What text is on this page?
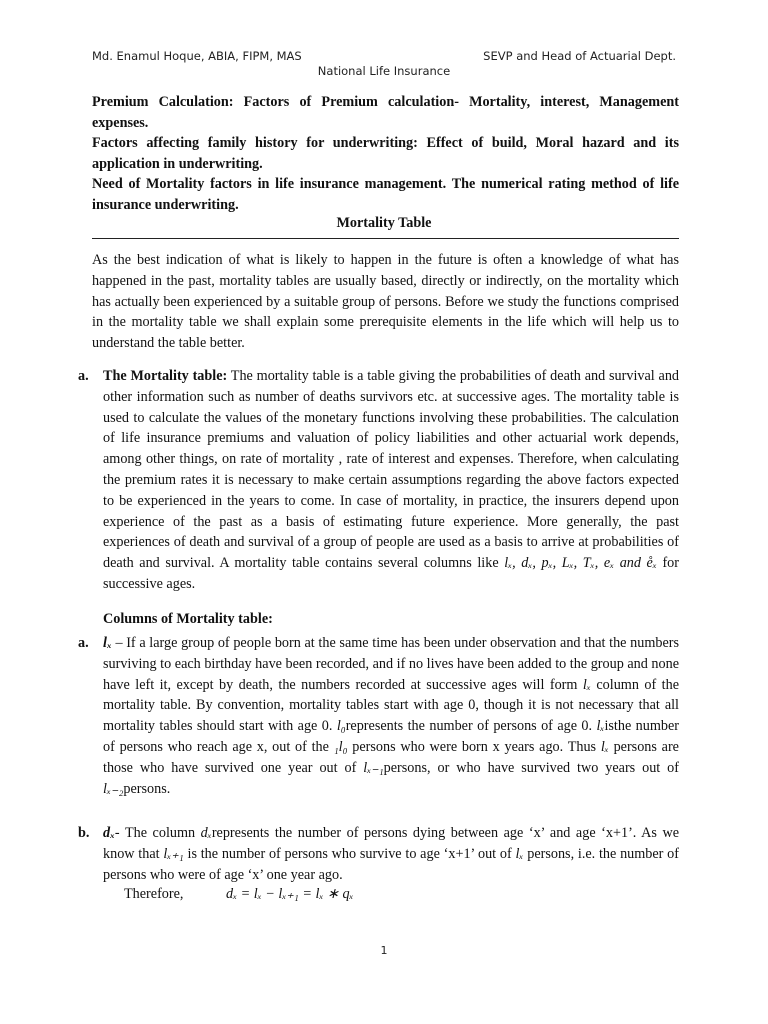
Md. Enamul Hoque, ABIA, FIPM, MAS	SEVP and Head of Actuarial Dept.
National Life Insurance

Premium Calculation: Factors of Premium calculation- Mortality, interest, Management expenses.

Factors affecting family history for underwriting: Effect of build, Moral hazard and its application in underwriting.

Need of Mortality factors in life insurance management. The numerical rating method of life insurance underwriting.

Mortality Table

As the best indication of what is likely to happen in the future is often a knowledge of what has happened in the past, mortality tables are usually based, directly or indirectly, on the mortality which has actually been experienced by a suitable group of persons. Before we study the functions comprised in the mortality table we shall explain some prerequisite elements in the life which will help us to understand the table better.

a. The Mortality table: The mortality table is a table giving the probabilities of death and survival and other information such as number of deaths survivors etc. at successive ages. The mortality table is used to calculate the values of the monetary functions involving these probabilities. The calculation of life insurance premiums and valuation of policy liabilities and other actuarial work depends, among other things, on rate of mortality , rate of interest and expenses. Therefore, when calculating the premium rates it is necessary to make certain assumptions regarding the above factors expected to be experienced in the years to come. In case of mortality, in practice, the insurers depend upon experience of the past as a basis of estimating future experience. More generally, the past experiences of death and survival of a group of people are used as a basis to arrive at probabilities of death and survival. A mortality table contains several columns like lₓ, dₓ, pₓ, Lₓ, Tₓ, eₓ and e̊ₓ for successive ages.

Columns of Mortality table:
a. lₓ – If a large group of people born at the same time has been under observation and that the numbers surviving to each birthday have been recorded, and if no lives have been added to the group and none have left it, except by death, the numbers recorded at successive ages will form lₓ column of the mortality table. By convention, mortality tables start with age 0, though it is not necessary that all mortality tables should start with age 0. l₀represents the number of persons of age 0. lₓisthe number of persons who reach age x, out of the ₁l₀ persons who were born x years ago. Thus lₓ persons are those who have survived one year out of lₓ₋₁persons, or who have survived two years out of lₓ₋₂persons.

b. dₓ- The column dₓrepresents the number of persons dying between age ‘x’ and age ‘x+1’. As we know that lₓ₊₁ is the number of persons who survive to age ‘x+1’ out of lₓ persons, i.e. the number of persons who were of age ‘x’ one year ago.

Therefore,	dₓ = lₓ − lₓ₊₁ = lₓ ∗ qₓ
1
